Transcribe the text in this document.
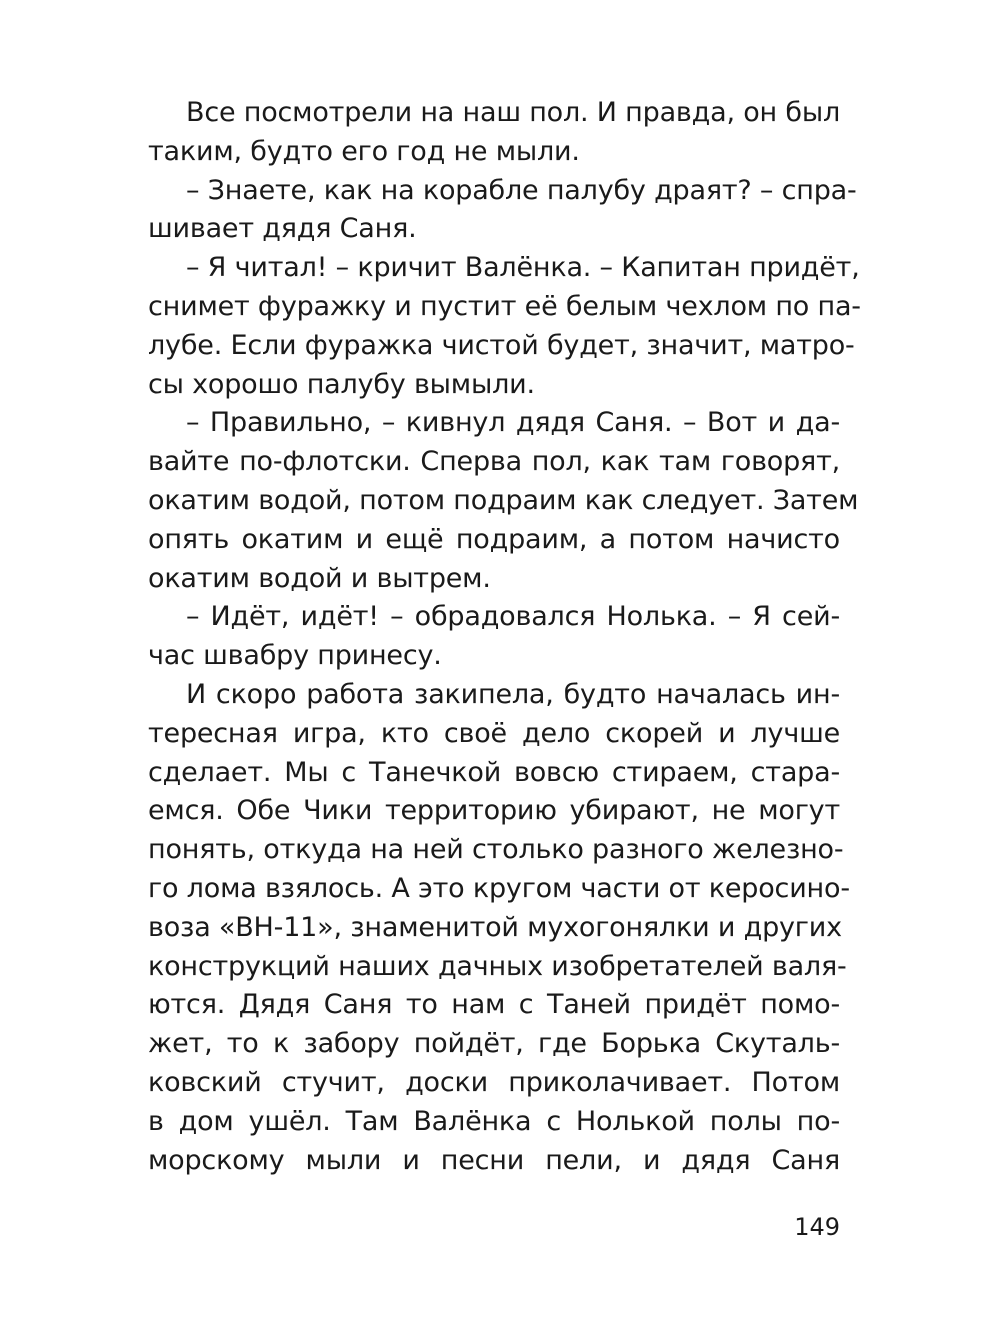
Все посмотрели на наш пол. И правда, он был
таким, будто его год не мыли.
– Знаете, как на корабле палубу драят? – спра-
шивает дядя Саня.
– Я читал! – кричит Валёнка. – Капитан придёт,
снимет фуражку и пустит её белым чехлом по па-
лубе. Если фуражка чистой будет, значит, матро-
сы хорошо палубу вымыли.
– Правильно, – кивнул дядя Саня. – Вот и да-
вайте по-флотски. Сперва пол, как там говорят,
окатим водой, потом подраим как следует. Затем
опять окатим и ещё подраим, а потом начисто
окатим водой и вытрем.
– Идёт, идёт! – обрадовался Нолька. – Я сей-
час швабру принесу.
И скоро работа закипела, будто началась ин-
тересная игра, кто своё дело скорей и лучше
сделает. Мы с Танечкой вовсю стираем, стара-
емся. Обе Чики территорию убирают, не могут
понять, откуда на ней столько разного железно-
го лома взялось. А это кругом части от керосино-
воза «ВН-11», знаменитой мухогонялки и других
конструкций наших дачных изобретателей валя-
ются. Дядя Саня то нам с Таней придёт помо-
жет, то к забору пойдёт, где Борька Скуталь-
ковский стучит, доски приколачивает. Потом
в дом ушёл. Там Валёнка с Нолькой полы по-
морскому мыли и песни пели, и дядя Саня
149
